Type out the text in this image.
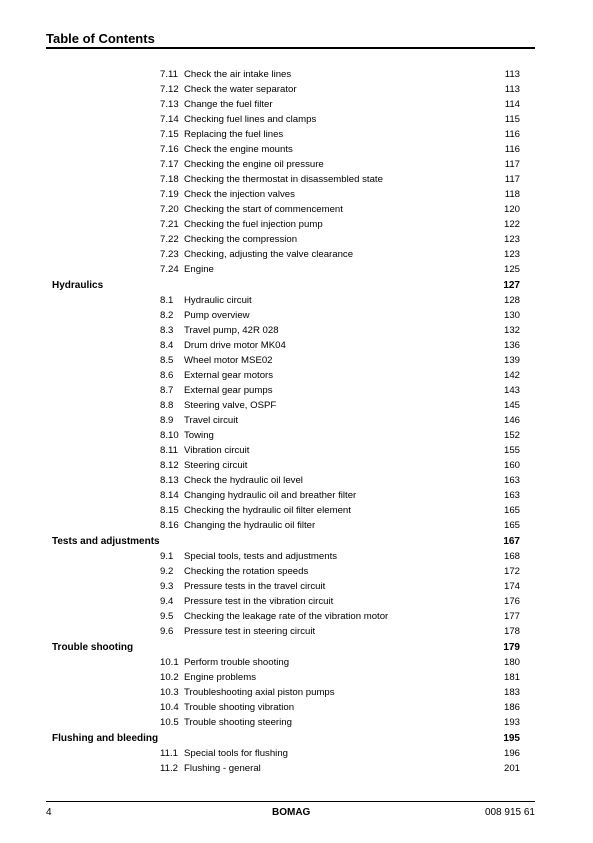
Table of Contents
7.11 Check the air intake lines	113
7.12 Check the water separator	113
7.13 Change the fuel filter	114
7.14 Checking fuel lines and clamps	115
7.15 Replacing the fuel lines	116
7.16 Check the engine mounts	116
7.17 Checking the engine oil pressure	117
7.18 Checking the thermostat in disassembled state	117
7.19 Check the injection valves	118
7.20 Checking the start of commencement	120
7.21 Checking the fuel injection pump	122
7.22 Checking the compression	123
7.23 Checking, adjusting the valve clearance	123
7.24 Engine	125
Hydraulics	127
8.1 Hydraulic circuit	128
8.2 Pump overview	130
8.3 Travel pump, 42R 028	132
8.4 Drum drive motor MK04	136
8.5 Wheel motor MSE02	139
8.6 External gear motors	142
8.7 External gear pumps	143
8.8 Steering valve, OSPF	145
8.9 Travel circuit	146
8.10 Towing	152
8.11 Vibration circuit	155
8.12 Steering circuit	160
8.13 Check the hydraulic oil level	163
8.14 Changing hydraulic oil and breather filter	163
8.15 Checking the hydraulic oil filter element	165
8.16 Changing the hydraulic oil filter	165
Tests and adjustments	167
9.1 Special tools, tests and adjustments	168
9.2 Checking the rotation speeds	172
9.3 Pressure tests in the travel circuit	174
9.4 Pressure test in the vibration circuit	176
9.5 Checking the leakage rate of the vibration motor	177
9.6 Pressure test in steering circuit	178
Trouble shooting	179
10.1 Perform trouble shooting	180
10.2 Engine problems	181
10.3 Troubleshooting axial piston pumps	183
10.4 Trouble shooting vibration	186
10.5 Trouble shooting steering	193
Flushing and bleeding	195
11.1 Special tools for flushing	196
11.2 Flushing - general	201
4	BOMAG	008 915 61
